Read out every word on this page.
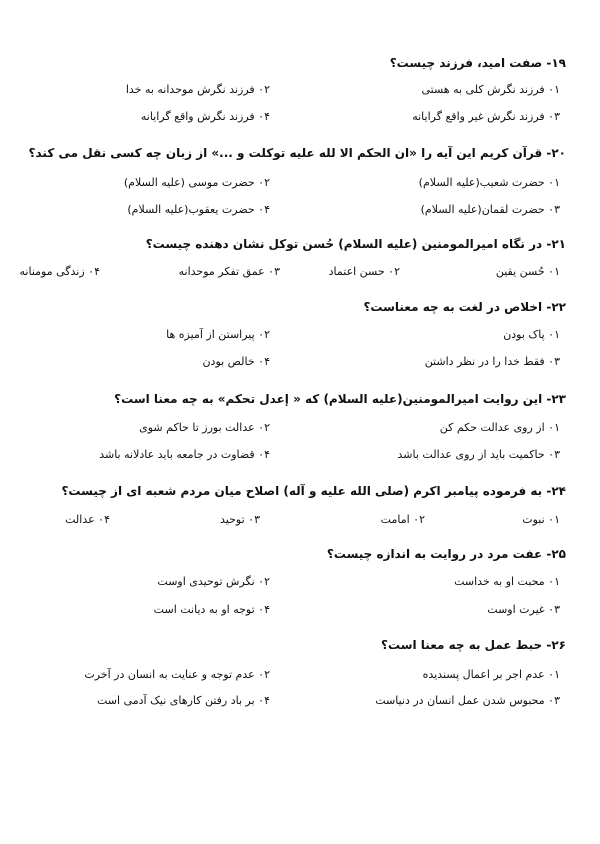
۱۹- صفت امید، فرزند چیست؟
۰۱ فرزند نگرش کلی به هستی
۰۲ فرزند نگرش موحدانه به خدا
۰۳ فرزند نگرش غیر واقع گرایانه
۰۴ فرزند نگرش واقع گرایانه
۲۰- قرآن کریم این آیه را «ان الحکم الا لله علیه توکلت و ...» از زبان چه کسی نقل می کند؟
۰۱ حضرت شعیب(علیه السلام)
۰۲ حضرت موسی (علیه السلام)
۰۳ حضرت لقمان(علیه السلام)
۰۴ حضرت یعقوب(علیه السلام)
۲۱- در نگاه امیرالمومنین (علیه السلام) حُسن توکل نشان دهنده چیست؟
۰۱ حُسن یقین
۰۲ حسن اعتماد
۰۳ عمق تفکر موحدانه
۰۴ زندگی مومنانه
۲۲- اخلاص در لغت به چه معناست؟
۰۱ پاک بودن
۰۲ پیراستن از آمیزه ها
۰۳ فقط خدا را در نظر داشتن
۰۴ خالص بودن
۲۳- این روایت امیرالمومنین(علیه السلام) که « إعدل تحکم» به چه معنا است؟
۰۱ از روی عدالت حکم کن
۰۲ عدالت بورز تا حاکم شوی
۰۳ حاکمیت باید از روی عدالت باشد
۰۴ قضاوت در جامعه باید عادلانه باشد
۲۴- به فرموده پیامبر اکرم (صلی الله علیه و آله) اصلاح میان مردم شعبه ای از چیست؟
۰۱ نبوت
۰۲ امامت
۰۳ توحید
۰۴ عدالت
۲۵- عفت مرد در روایت به اندازه چیست؟
۰۱ محبت او به خداست
۰۲ نگرش توحیدی اوست
۰۳ غیرت اوست
۰۴ توجه او به دیانت است
۲۶- حبط عمل به چه معنا است؟
۰۱ عدم اجر بر اعمال پسندیده
۰۲ عدم توجه و عنایت به انسان در آخرت
۰۳ محبوس شدن عمل انسان در دنیاست
۰۴ بر باد رفتن کارهای نیک آدمی است
